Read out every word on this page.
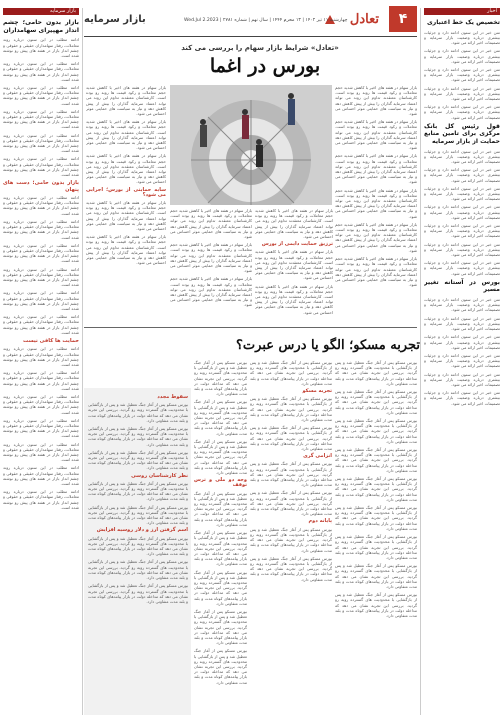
۴
تعادل
چهارشنبه ۱۱ تیر ۱۴۰۲ | ۱۳ محرم ۱۴۴۴ | سال نهم | شماره ۲۷۸۱ | Wed.Jul 2.2023
بازار سرمایه
اخبار
تخصیص یک خط اعتباری

متن خبر در این ستون ادامه دارد و جزئیات بیشتری درباره وضعیت بازار سرمایه و تصمیمات اخیر ارائه می شود.

متن خبر در این ستون ادامه دارد و جزئیات بیشتری درباره وضعیت بازار سرمایه و تصمیمات اخیر ارائه می شود.

متن خبر در این ستون ادامه دارد و جزئیات بیشتری درباره وضعیت بازار سرمایه و تصمیمات اخیر ارائه می شود.

متن خبر در این ستون ادامه دارد و جزئیات بیشتری درباره وضعیت بازار سرمایه و تصمیمات اخیر ارائه می شود.

متن خبر در این ستون ادامه دارد و جزئیات بیشتری درباره وضعیت بازار سرمایه و تصمیمات اخیر ارائه می شود.

قول رئیس کل بانک مرکزی برای تامین منابع حمایت از بازار سرمایه

متن خبر در این ستون ادامه دارد و جزئیات بیشتری درباره وضعیت بازار سرمایه و تصمیمات اخیر ارائه می شود.

متن خبر در این ستون ادامه دارد و جزئیات بیشتری درباره وضعیت بازار سرمایه و تصمیمات اخیر ارائه می شود.

متن خبر در این ستون ادامه دارد و جزئیات بیشتری درباره وضعیت بازار سرمایه و تصمیمات اخیر ارائه می شود.

متن خبر در این ستون ادامه دارد و جزئیات بیشتری درباره وضعیت بازار سرمایه و تصمیمات اخیر ارائه می شود.

متن خبر در این ستون ادامه دارد و جزئیات بیشتری درباره وضعیت بازار سرمایه و تصمیمات اخیر ارائه می شود.

متن خبر در این ستون ادامه دارد و جزئیات بیشتری درباره وضعیت بازار سرمایه و تصمیمات اخیر ارائه می شود.

متن خبر در این ستون ادامه دارد و جزئیات بیشتری درباره وضعیت بازار سرمایه و تصمیمات اخیر ارائه می شود.

بورس در آستانه تغییر مسیر

متن خبر در این ستون ادامه دارد و جزئیات بیشتری درباره وضعیت بازار سرمایه و تصمیمات اخیر ارائه می شود.

متن خبر در این ستون ادامه دارد و جزئیات بیشتری درباره وضعیت بازار سرمایه و تصمیمات اخیر ارائه می شود.

متن خبر در این ستون ادامه دارد و جزئیات بیشتری درباره وضعیت بازار سرمایه و تصمیمات اخیر ارائه می شود.

متن خبر در این ستون ادامه دارد و جزئیات بیشتری درباره وضعیت بازار سرمایه و تصمیمات اخیر ارائه می شود.

متن خبر در این ستون ادامه دارد و جزئیات بیشتری درباره وضعیت بازار سرمایه و تصمیمات اخیر ارائه می شود.

متن خبر در این ستون ادامه دارد و جزئیات بیشتری درباره وضعیت بازار سرمایه و تصمیمات اخیر ارائه می شود.

بازار سرمایه
بازار بدون حامی؛ چشم انداز مهپیرای سهامداران

ادامه مطلب در این ستون درباره روند معاملات، رفتار سهامداران حقیقی و حقوقی و چشم انداز بازار در هفته های پیش رو نوشته شده است.

ادامه مطلب در این ستون درباره روند معاملات، رفتار سهامداران حقیقی و حقوقی و چشم انداز بازار در هفته های پیش رو نوشته شده است.

ادامه مطلب در این ستون درباره روند معاملات، رفتار سهامداران حقیقی و حقوقی و چشم انداز بازار در هفته های پیش رو نوشته شده است.

ادامه مطلب در این ستون درباره روند معاملات، رفتار سهامداران حقیقی و حقوقی و چشم انداز بازار در هفته های پیش رو نوشته شده است.

ادامه مطلب در این ستون درباره روند معاملات، رفتار سهامداران حقیقی و حقوقی و چشم انداز بازار در هفته های پیش رو نوشته شده است.

ادامه مطلب در این ستون درباره روند معاملات، رفتار سهامداران حقیقی و حقوقی و چشم انداز بازار در هفته های پیش رو نوشته شده است.

بازار بدون حامی؛ دست های پنهان

ادامه مطلب در این ستون درباره روند معاملات، رفتار سهامداران حقیقی و حقوقی و چشم انداز بازار در هفته های پیش رو نوشته شده است.

ادامه مطلب در این ستون درباره روند معاملات، رفتار سهامداران حقیقی و حقوقی و چشم انداز بازار در هفته های پیش رو نوشته شده است.

ادامه مطلب در این ستون درباره روند معاملات، رفتار سهامداران حقیقی و حقوقی و چشم انداز بازار در هفته های پیش رو نوشته شده است.

ادامه مطلب در این ستون درباره روند معاملات، رفتار سهامداران حقیقی و حقوقی و چشم انداز بازار در هفته های پیش رو نوشته شده است.

ادامه مطلب در این ستون درباره روند معاملات، رفتار سهامداران حقیقی و حقوقی و چشم انداز بازار در هفته های پیش رو نوشته شده است.

ادامه مطلب در این ستون درباره روند معاملات، رفتار سهامداران حقیقی و حقوقی و چشم انداز بازار در هفته های پیش رو نوشته شده است.

حمایت ها کافی نیست

ادامه مطلب در این ستون درباره روند معاملات، رفتار سهامداران حقیقی و حقوقی و چشم انداز بازار در هفته های پیش رو نوشته شده است.

ادامه مطلب در این ستون درباره روند معاملات، رفتار سهامداران حقیقی و حقوقی و چشم انداز بازار در هفته های پیش رو نوشته شده است.

ادامه مطلب در این ستون درباره روند معاملات، رفتار سهامداران حقیقی و حقوقی و چشم انداز بازار در هفته های پیش رو نوشته شده است.

ادامه مطلب در این ستون درباره روند معاملات، رفتار سهامداران حقیقی و حقوقی و چشم انداز بازار در هفته های پیش رو نوشته شده است.

ادامه مطلب در این ستون درباره روند معاملات، رفتار سهامداران حقیقی و حقوقی و چشم انداز بازار در هفته های پیش رو نوشته شده است.

ادامه مطلب در این ستون درباره روند معاملات، رفتار سهامداران حقیقی و حقوقی و چشم انداز بازار در هفته های پیش رو نوشته شده است.

ادامه مطلب در این ستون درباره روند معاملات، رفتار سهامداران حقیقی و حقوقی و چشم انداز بازار در هفته های پیش رو نوشته شده است.

«تعادل» شرایط بازار سهام را بررسی می کند
بورس در اغما

بازار سهام در هفته های اخیر با کاهش شدید حجم معاملات و رکود قیمت ها روبه رو بوده است. کارشناسان معتقدند تداوم این روند می تواند اعتماد سرمایه گذاران را بیش از پیش کاهش دهد و نیاز به سیاست های حمایتی موثر احساس می شود.

بازار سهام در هفته های اخیر با کاهش شدید حجم معاملات و رکود قیمت ها روبه رو بوده است. کارشناسان معتقدند تداوم این روند می تواند اعتماد سرمایه گذاران را بیش از پیش کاهش دهد و نیاز به سیاست های حمایتی موثر احساس می شود.

بازار سهام در هفته های اخیر با کاهش شدید حجم معاملات و رکود قیمت ها روبه رو بوده است. کارشناسان معتقدند تداوم این روند می تواند اعتماد سرمایه گذاران را بیش از پیش کاهش دهد و نیاز به سیاست های حمایتی موثر احساس می شود.

بازار سهام در هفته های اخیر با کاهش شدید حجم معاملات و رکود قیمت ها روبه رو بوده است. کارشناسان معتقدند تداوم این روند می تواند اعتماد سرمایه گذاران را بیش از پیش کاهش دهد و نیاز به سیاست های حمایتی موثر احساس می شود.

بازار سهام در هفته های اخیر با کاهش شدید حجم معاملات و رکود قیمت ها روبه رو بوده است. کارشناسان معتقدند تداوم این روند می تواند اعتماد سرمایه گذاران را بیش از پیش کاهش دهد و نیاز به سیاست های حمایتی موثر احساس می شود.

بازار سهام در هفته های اخیر با کاهش شدید حجم معاملات و رکود قیمت ها روبه رو بوده است. کارشناسان معتقدند تداوم این روند می تواند اعتماد سرمایه گذاران را بیش از پیش کاهش دهد و نیاز به سیاست های حمایتی موثر احساس می شود.

بازار سهام در هفته های اخیر با کاهش شدید حجم معاملات و رکود قیمت ها روبه رو بوده است. کارشناسان معتقدند تداوم این روند می تواند اعتماد سرمایه گذاران را بیش از پیش کاهش دهد و نیاز به سیاست های حمایتی موثر احساس می شود.

بازار سهام در هفته های اخیر با کاهش شدید حجم معاملات و رکود قیمت ها روبه رو بوده است. کارشناسان معتقدند تداوم این روند می تواند اعتماد سرمایه گذاران را بیش از پیش کاهش دهد و نیاز به سیاست های حمایتی موثر احساس می شود.

بازار سهام در هفته های اخیر با کاهش شدید حجم معاملات و رکود قیمت ها روبه رو بوده است. کارشناسان معتقدند تداوم این روند می تواند اعتماد سرمایه گذاران را بیش از پیش کاهش دهد و نیاز به سیاست های حمایتی موثر احساس می شود.

سایه حمایتی از بورس؛ اجرایی می شود؟

بازار سهام در هفته های اخیر با کاهش شدید حجم معاملات و رکود قیمت ها روبه رو بوده است. کارشناسان معتقدند تداوم این روند می تواند اعتماد سرمایه گذاران را بیش از پیش کاهش دهد و نیاز به سیاست های حمایتی موثر احساس می شود.

بازار سهام در هفته های اخیر با کاهش شدید حجم معاملات و رکود قیمت ها روبه رو بوده است. کارشناسان معتقدند تداوم این روند می تواند اعتماد سرمایه گذاران را بیش از پیش کاهش دهد و نیاز به سیاست های حمایتی موثر احساس می شود.

بازار سهام در هفته های اخیر با کاهش شدید حجم معاملات و رکود قیمت ها روبه رو بوده است. کارشناسان معتقدند تداوم این روند می تواند اعتماد سرمایه گذاران را بیش از پیش کاهش دهد و نیاز به سیاست های حمایتی موثر احساس می شود.

بازار سهام در هفته های اخیر با کاهش شدید حجم معاملات و رکود قیمت ها روبه رو بوده است. کارشناسان معتقدند تداوم این روند می تواند اعتماد سرمایه گذاران را بیش از پیش کاهش دهد و نیاز به سیاست های حمایتی موثر احساس می شود.

بازار سهام در هفته های اخیر با کاهش شدید حجم معاملات و رکود قیمت ها روبه رو بوده است. کارشناسان معتقدند تداوم این روند می تواند اعتماد سرمایه گذاران را بیش از پیش کاهش دهد و نیاز به سیاست های حمایتی موثر احساس می شود.

بازار سهام در هفته های اخیر با کاهش شدید حجم معاملات و رکود قیمت ها روبه رو بوده است. کارشناسان معتقدند تداوم این روند می تواند اعتماد سرمایه گذاران را بیش از پیش کاهش دهد و نیاز به سیاست های حمایتی موثر احساس می شود.

ترزیق حمایت دایمی از بورس

بازار سهام در هفته های اخیر با کاهش شدید حجم معاملات و رکود قیمت ها روبه رو بوده است. کارشناسان معتقدند تداوم این روند می تواند اعتماد سرمایه گذاران را بیش از پیش کاهش دهد و نیاز به سیاست های حمایتی موثر احساس می شود.

بازار سهام در هفته های اخیر با کاهش شدید حجم معاملات و رکود قیمت ها روبه رو بوده است. کارشناسان معتقدند تداوم این روند می تواند اعتماد سرمایه گذاران را بیش از پیش کاهش دهد و نیاز به سیاست های حمایتی موثر احساس می شود.

تجربه مسکو؛ الگو یا درس عبرت؟

بورس مسکو پس از آغاز جنگ تعطیل شد و پس از بازگشایی با محدودیت های گسترده روبه رو گردید. بررسی این تجربه نشان می دهد که مداخله دولت در بازار پیامدهای کوتاه مدت و بلند مدت متفاوتی دارد.

بورس مسکو پس از آغاز جنگ تعطیل شد و پس از بازگشایی با محدودیت های گسترده روبه رو گردید. بررسی این تجربه نشان می دهد که مداخله دولت در بازار پیامدهای کوتاه مدت و بلند مدت متفاوتی دارد.

بورس مسکو پس از آغاز جنگ تعطیل شد و پس از بازگشایی با محدودیت های گسترده روبه رو گردید. بررسی این تجربه نشان می دهد که مداخله دولت در بازار پیامدهای کوتاه مدت و بلند مدت متفاوتی دارد.

بورس مسکو پس از آغاز جنگ تعطیل شد و پس از بازگشایی با محدودیت های گسترده روبه رو گردید. بررسی این تجربه نشان می دهد که مداخله دولت در بازار پیامدهای کوتاه مدت و بلند مدت متفاوتی دارد.

بورس مسکو پس از آغاز جنگ تعطیل شد و پس از بازگشایی با محدودیت های گسترده روبه رو گردید. بررسی این تجربه نشان می دهد که مداخله دولت در بازار پیامدهای کوتاه مدت و بلند مدت متفاوتی دارد.

بورس مسکو پس از آغاز جنگ تعطیل شد و پس از بازگشایی با محدودیت های گسترده روبه رو گردید. بررسی این تجربه نشان می دهد که مداخله دولت در بازار پیامدهای کوتاه مدت و بلند مدت متفاوتی دارد.

بورس مسکو پس از آغاز جنگ تعطیل شد و پس از بازگشایی با محدودیت های گسترده روبه رو گردید. بررسی این تجربه نشان می دهد که مداخله دولت در بازار پیامدهای کوتاه مدت و بلند مدت متفاوتی دارد.

بورس مسکو پس از آغاز جنگ تعطیل شد و پس از بازگشایی با محدودیت های گسترده روبه رو گردید. بررسی این تجربه نشان می دهد که مداخله دولت در بازار پیامدهای کوتاه مدت و بلند مدت متفاوتی دارد.

بورس مسکو پس از آغاز جنگ تعطیل شد و پس از بازگشایی با محدودیت های گسترده روبه رو گردید. بررسی این تجربه نشان می دهد که مداخله دولت در بازار پیامدهای کوتاه مدت و بلند مدت متفاوتی دارد.

بورس مسکو پس از آغاز جنگ تعطیل شد و پس از بازگشایی با محدودیت های گسترده روبه رو گردید. بررسی این تجربه نشان می دهد که مداخله دولت در بازار پیامدهای کوتاه مدت و بلند مدت متفاوتی دارد.

تجربه مسکو

بورس مسکو پس از آغاز جنگ تعطیل شد و پس از بازگشایی با محدودیت های گسترده روبه رو گردید. بررسی این تجربه نشان می دهد که مداخله دولت در بازار پیامدهای کوتاه مدت و بلند مدت متفاوتی دارد.

بورس مسکو پس از آغاز جنگ تعطیل شد و پس از بازگشایی با محدودیت های گسترده روبه رو گردید. بررسی این تجربه نشان می دهد که مداخله دولت در بازار پیامدهای کوتاه مدت و بلند مدت متفاوتی دارد.

انزامی گری

بورس مسکو پس از آغاز جنگ تعطیل شد و پس از بازگشایی با محدودیت های گسترده روبه رو گردید. بررسی این تجربه نشان می دهد که مداخله دولت در بازار پیامدهای کوتاه مدت و بلند مدت متفاوتی دارد.

بورس مسکو پس از آغاز جنگ تعطیل شد و پس از بازگشایی با محدودیت های گسترده روبه رو گردید. بررسی این تجربه نشان می دهد که مداخله دولت در بازار پیامدهای کوتاه مدت و بلند مدت متفاوتی دارد.

پایانه دوم

بورس مسکو پس از آغاز جنگ تعطیل شد و پس از بازگشایی با محدودیت های گسترده روبه رو گردید. بررسی این تجربه نشان می دهد که مداخله دولت در بازار پیامدهای کوتاه مدت و بلند مدت متفاوتی دارد.

بورس مسکو پس از آغاز جنگ تعطیل شد و پس از بازگشایی با محدودیت های گسترده روبه رو گردید. بررسی این تجربه نشان می دهد که مداخله دولت در بازار پیامدهای کوتاه مدت و بلند مدت متفاوتی دارد.

بورس مسکو پس از آغاز جنگ تعطیل شد و پس از بازگشایی با محدودیت های گسترده روبه رو گردید. بررسی این تجربه نشان می دهد که مداخله دولت در بازار پیامدهای کوتاه مدت و بلند مدت متفاوتی دارد.

بورس مسکو پس از آغاز جنگ تعطیل شد و پس از بازگشایی با محدودیت های گسترده روبه رو گردید. بررسی این تجربه نشان می دهد که مداخله دولت در بازار پیامدهای کوتاه مدت و بلند مدت متفاوتی دارد.

بورس مسکو پس از آغاز جنگ تعطیل شد و پس از بازگشایی با محدودیت های گسترده روبه رو گردید. بررسی این تجربه نشان می دهد که مداخله دولت در بازار پیامدهای کوتاه مدت و بلند مدت متفاوتی دارد.

وجه دو ملی و ترس توقف

بورس مسکو پس از آغاز جنگ تعطیل شد و پس از بازگشایی با محدودیت های گسترده روبه رو گردید. بررسی این تجربه نشان می دهد که مداخله دولت در بازار پیامدهای کوتاه مدت و بلند مدت متفاوتی دارد.

بورس مسکو پس از آغاز جنگ تعطیل شد و پس از بازگشایی با محدودیت های گسترده روبه رو گردید. بررسی این تجربه نشان می دهد که مداخله دولت در بازار پیامدهای کوتاه مدت و بلند مدت متفاوتی دارد.

بورس مسکو پس از آغاز جنگ تعطیل شد و پس از بازگشایی با محدودیت های گسترده روبه رو گردید. بررسی این تجربه نشان می دهد که مداخله دولت در بازار پیامدهای کوتاه مدت و بلند مدت متفاوتی دارد.

بورس مسکو پس از آغاز جنگ تعطیل شد و پس از بازگشایی با محدودیت های گسترده روبه رو گردید. بررسی این تجربه نشان می دهد که مداخله دولت در بازار پیامدهای کوتاه مدت و بلند مدت متفاوتی دارد.

بورس مسکو پس از آغاز جنگ تعطیل شد و پس از بازگشایی با محدودیت های گسترده روبه رو گردید. بررسی این تجربه نشان می دهد که مداخله دولت در بازار پیامدهای کوتاه مدت و بلند مدت متفاوتی دارد.

سقوط مجدد

بورس مسکو پس از آغاز جنگ تعطیل شد و پس از بازگشایی با محدودیت های گسترده روبه رو گردید. بررسی این تجربه نشان می دهد که مداخله دولت در بازار پیامدهای کوتاه مدت و بلند مدت متفاوتی دارد.

بورس مسکو پس از آغاز جنگ تعطیل شد و پس از بازگشایی با محدودیت های گسترده روبه رو گردید. بررسی این تجربه نشان می دهد که مداخله دولت در بازار پیامدهای کوتاه مدت و بلند مدت متفاوتی دارد.

بورس مسکو پس از آغاز جنگ تعطیل شد و پس از بازگشایی با محدودیت های گسترده روبه رو گردید. بررسی این تجربه نشان می دهد که مداخله دولت در بازار پیامدهای کوتاه مدت و بلند مدت متفاوتی دارد.

نظر کارشناسان روسی

بورس مسکو پس از آغاز جنگ تعطیل شد و پس از بازگشایی با محدودیت های گسترده روبه رو گردید. بررسی این تجربه نشان می دهد که مداخله دولت در بازار پیامدهای کوتاه مدت و بلند مدت متفاوتی دارد.

بورس مسکو پس از آغاز جنگ تعطیل شد و پس از بازگشایی با محدودیت های گسترده روبه رو گردید. بررسی این تجربه نشان می دهد که مداخله دولت در بازار پیامدهای کوتاه مدت و بلند مدت متفاوتی دارد.

اسم گرفتن ارز و دلار روسیه افزایش

بورس مسکو پس از آغاز جنگ تعطیل شد و پس از بازگشایی با محدودیت های گسترده روبه رو گردید. بررسی این تجربه نشان می دهد که مداخله دولت در بازار پیامدهای کوتاه مدت و بلند مدت متفاوتی دارد.

بورس مسکو پس از آغاز جنگ تعطیل شد و پس از بازگشایی با محدودیت های گسترده روبه رو گردید. بررسی این تجربه نشان می دهد که مداخله دولت در بازار پیامدهای کوتاه مدت و بلند مدت متفاوتی دارد.

بورس مسکو پس از آغاز جنگ تعطیل شد و پس از بازگشایی با محدودیت های گسترده روبه رو گردید. بررسی این تجربه نشان می دهد که مداخله دولت در بازار پیامدهای کوتاه مدت و بلند مدت متفاوتی دارد.
